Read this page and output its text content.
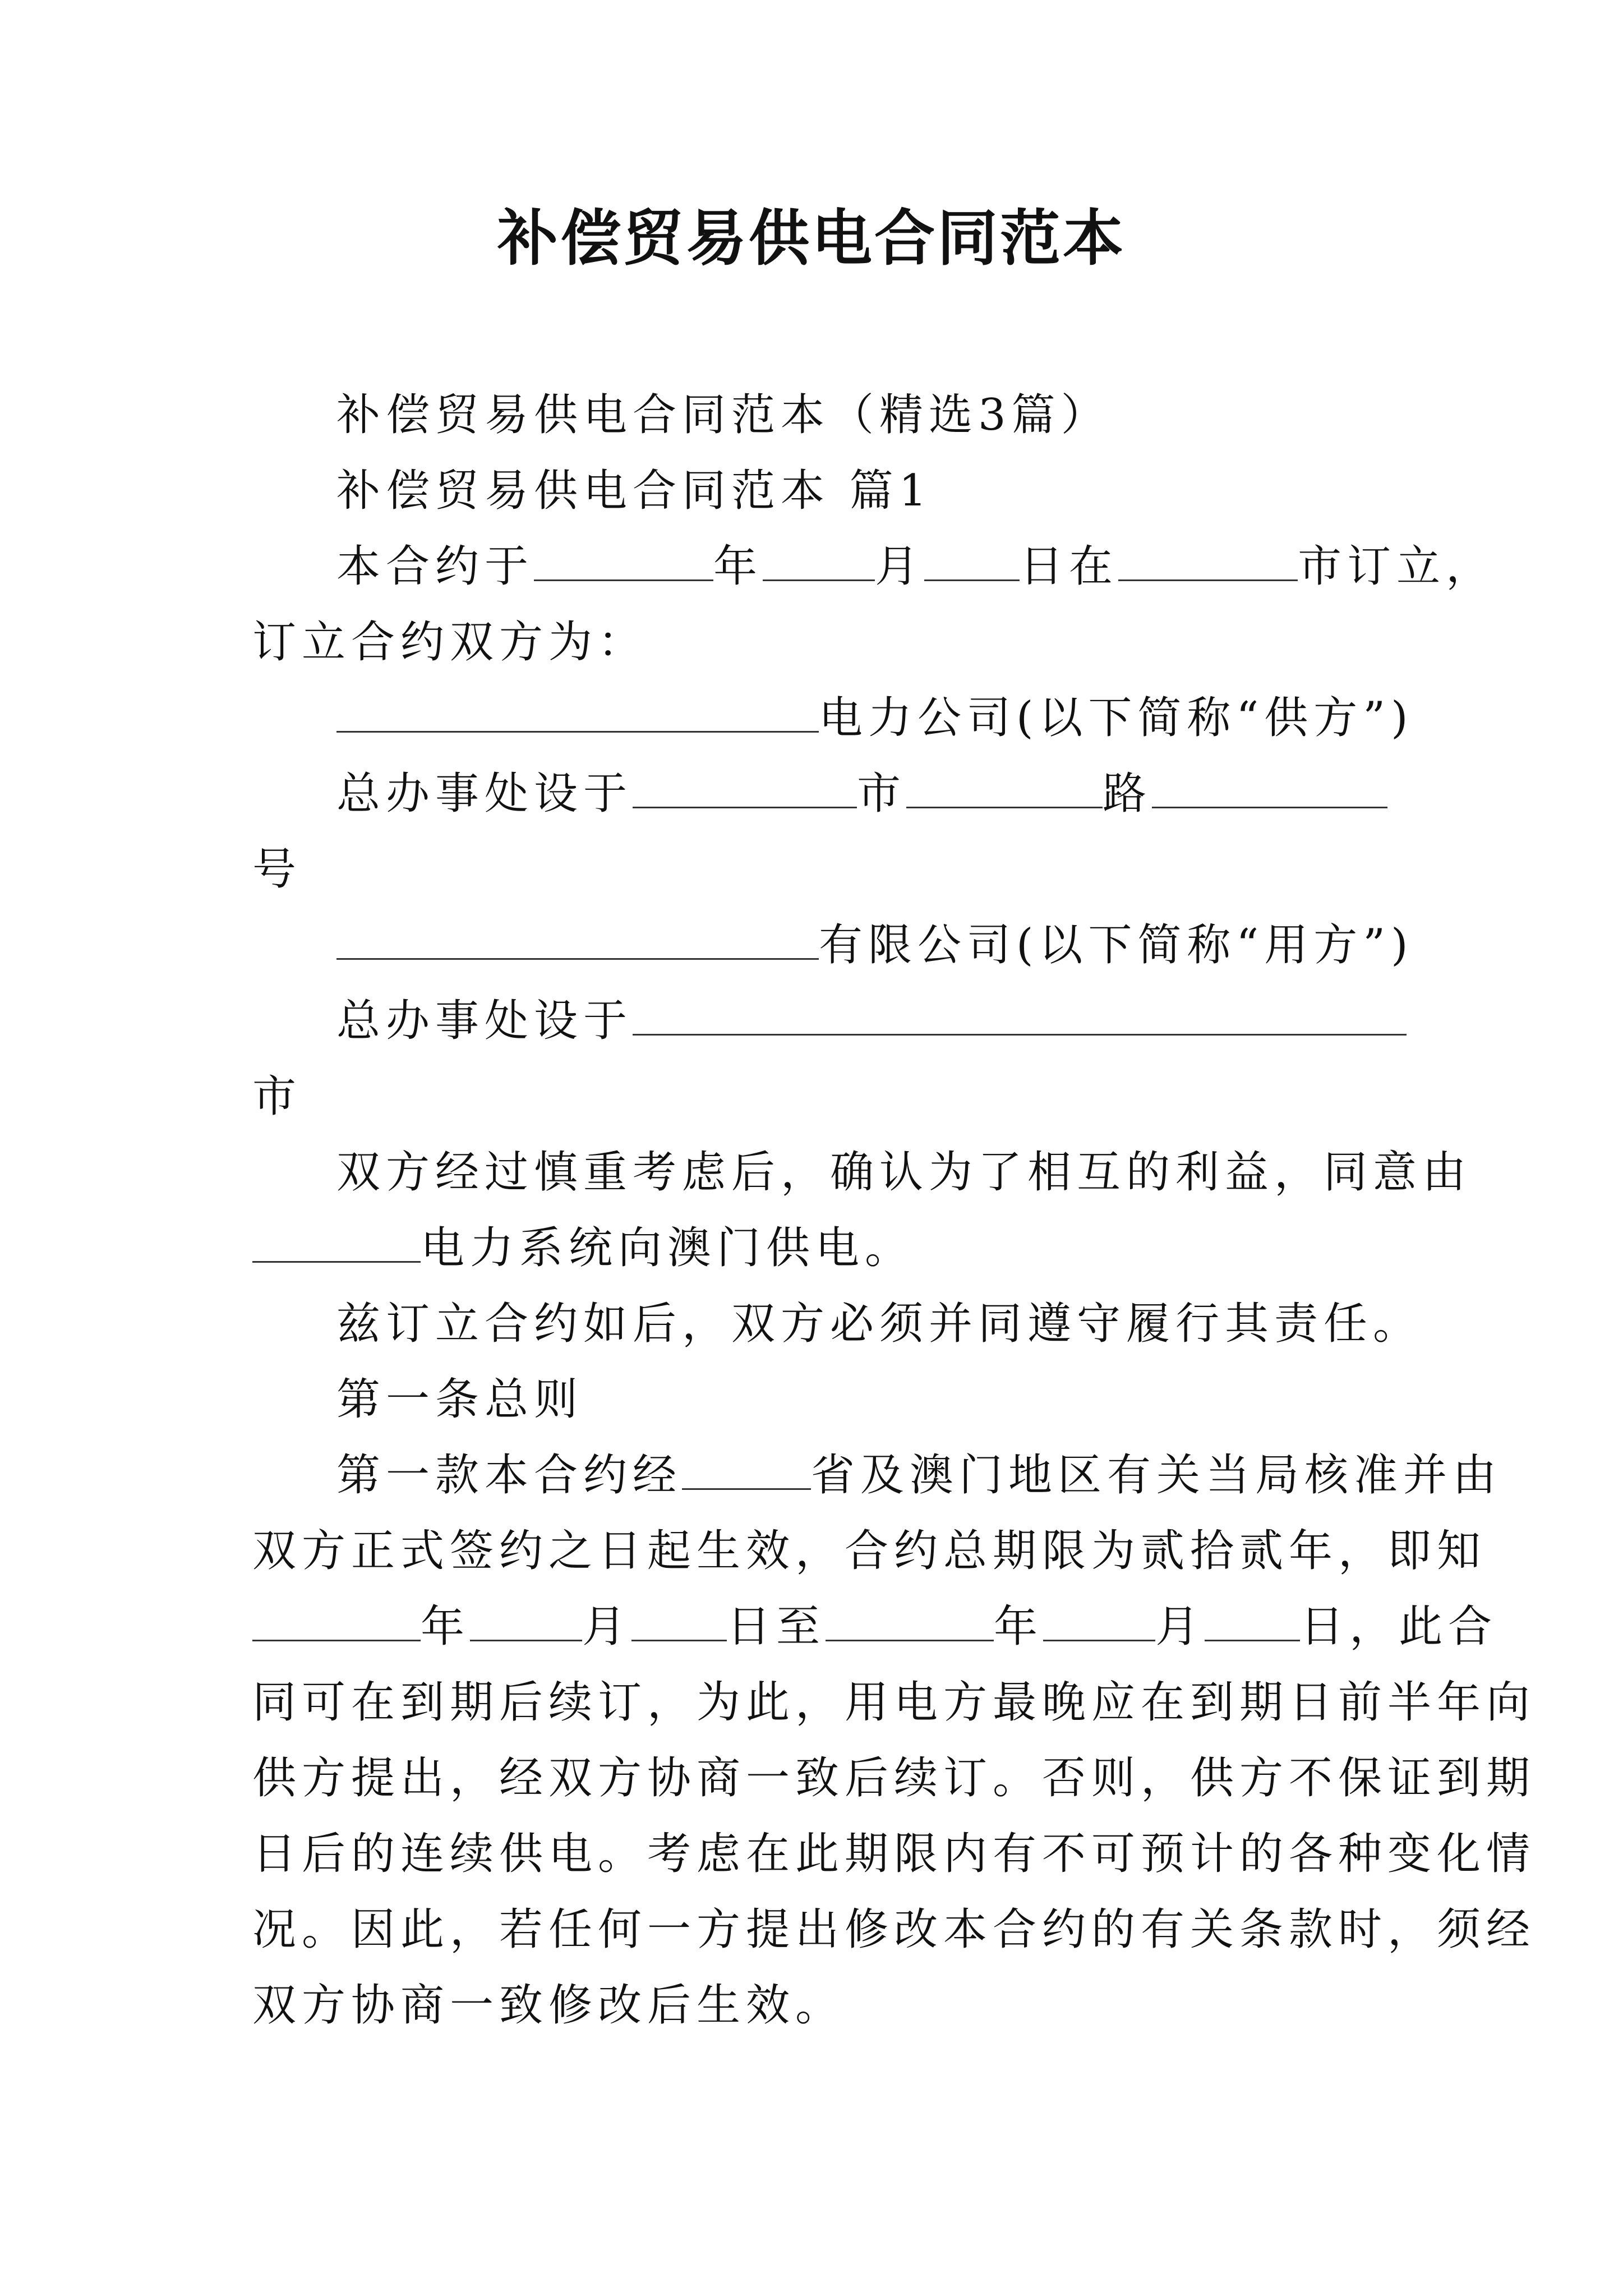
补偿贸易供电合同范本
补偿贸易供电合同范本（精选3篇）
补偿贸易供电合同范本 篇1
本合约于	年	月 日在	市订立，
订立合约双方为：
电力公司(以下简称“供方”)
总办事处设于	市	路
号
有限公司(以下简称“用方”)
总办事处设于
市
双方经过慎重考虑后，确认为了相互的利益，同意由
电力系统向澳门供电。
兹订立合约如后，双方必须并同遵守履行其责任。
第一条总则
第一款本合约经	省及澳门地区有关当局核准并由
双方正式签约之日起生效，合约总期限为贰拾贰年，即知
年	月 日至	年	月 日，此合
同可在到期后续订，为此，用电方最晚应在到期日前半年向
供方提出，经双方协商一致后续订。否则，供方不保证到期
日后的连续供电。考虑在此期限内有不可预计的各种变化情
况。因此，若任何一方提出修改本合约的有关条款时，须经
双方协商一致修改后生效。
